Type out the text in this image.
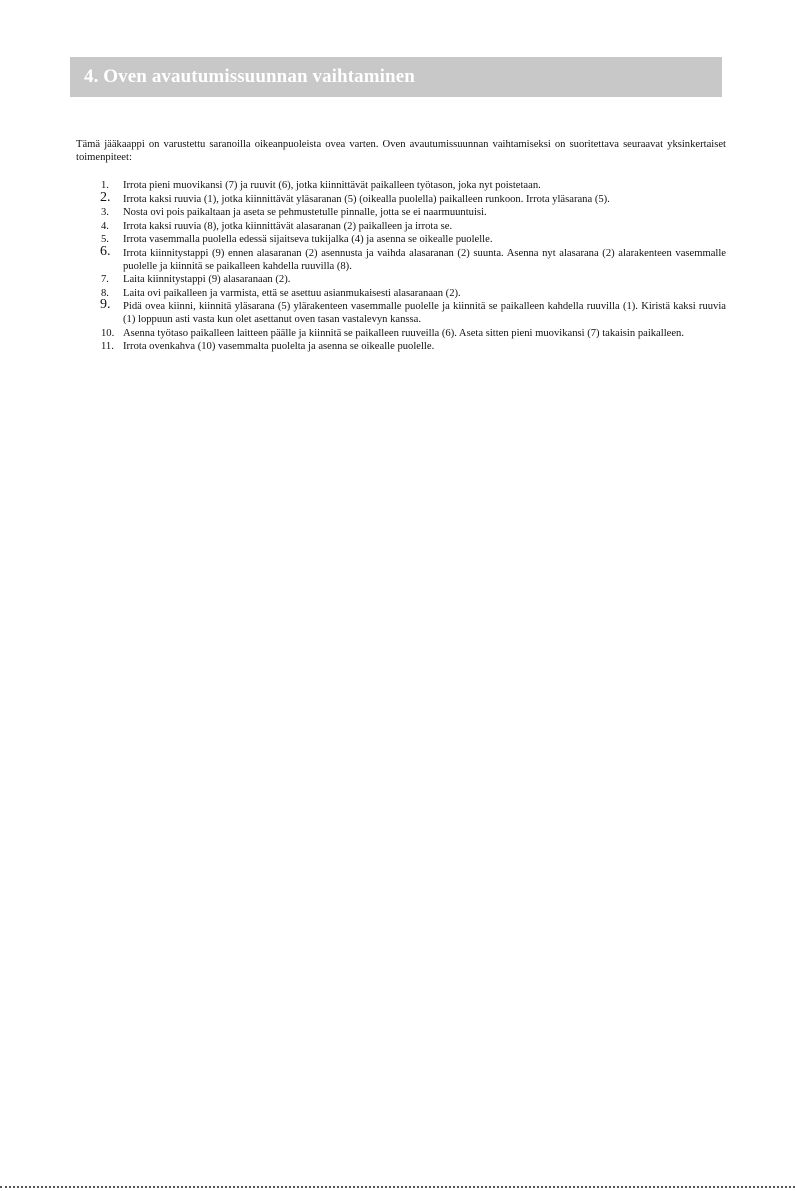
4. Oven avautumissuunnan vaihtaminen

Tämä jääkaappi on varustettu saranoilla oikeanpuoleista ovea varten. Oven avautumissuunnan vaihtamiseksi on suoritettava seuraavat yksinkertaiset toimenpiteet:

1. Irrota pieni muovikansi (7) ja ruuvit (6), jotka kiinnittävät paikalleen työtason, joka nyt poistetaan.
2. Irrota kaksi ruuvia (1), jotka kiinnittävät yläsaranan (5) (oikealla puolella) paikalleen runkoon. Irrota yläsarana (5).
3. Nosta ovi pois paikaltaan ja aseta se pehmustetulle pinnalle, jotta se ei naarmuuntuisi.
4. Irrota kaksi ruuvia (8), jotka kiinnittävät alasaranan (2) paikalleen ja irrota se.
5. Irrota vasemmalla puolella edessä sijaitseva tukijalka (4) ja asenna se oikealle puolelle.
6. Irrota kiinnitystappi (9) ennen alasaranan (2) asennusta ja vaihda alasaranan (2) suunta. Asenna nyt alasarana (2) alarakenteen vasemmalle puolelle ja kiinnitä se paikalleen kahdella ruuvilla (8).
7. Laita kiinnitystappi (9) alasaranaan (2).
8. Laita ovi paikalleen ja varmista, että se asettuu asianmukaisesti alasaranaan (2).
9. Pidä ovea kiinni, kiinnitä yläsarana (5) ylärakenteen vasemmalle puolelle ja kiinnitä se paikalleen kahdella ruuvilla (1). Kiristä kaksi ruuvia (1) loppuun asti vasta kun olet asettanut oven tasan vastalevyn kanssa.
10. Asenna työtaso paikalleen laitteen päälle ja kiinnitä se paikalleen ruuveilla (6). Aseta sitten pieni muovikansi (7) takaisin paikalleen.
11. Irrota ovenkahva (10) vasemmalta puolelta ja asenna se oikealle puolelle.
